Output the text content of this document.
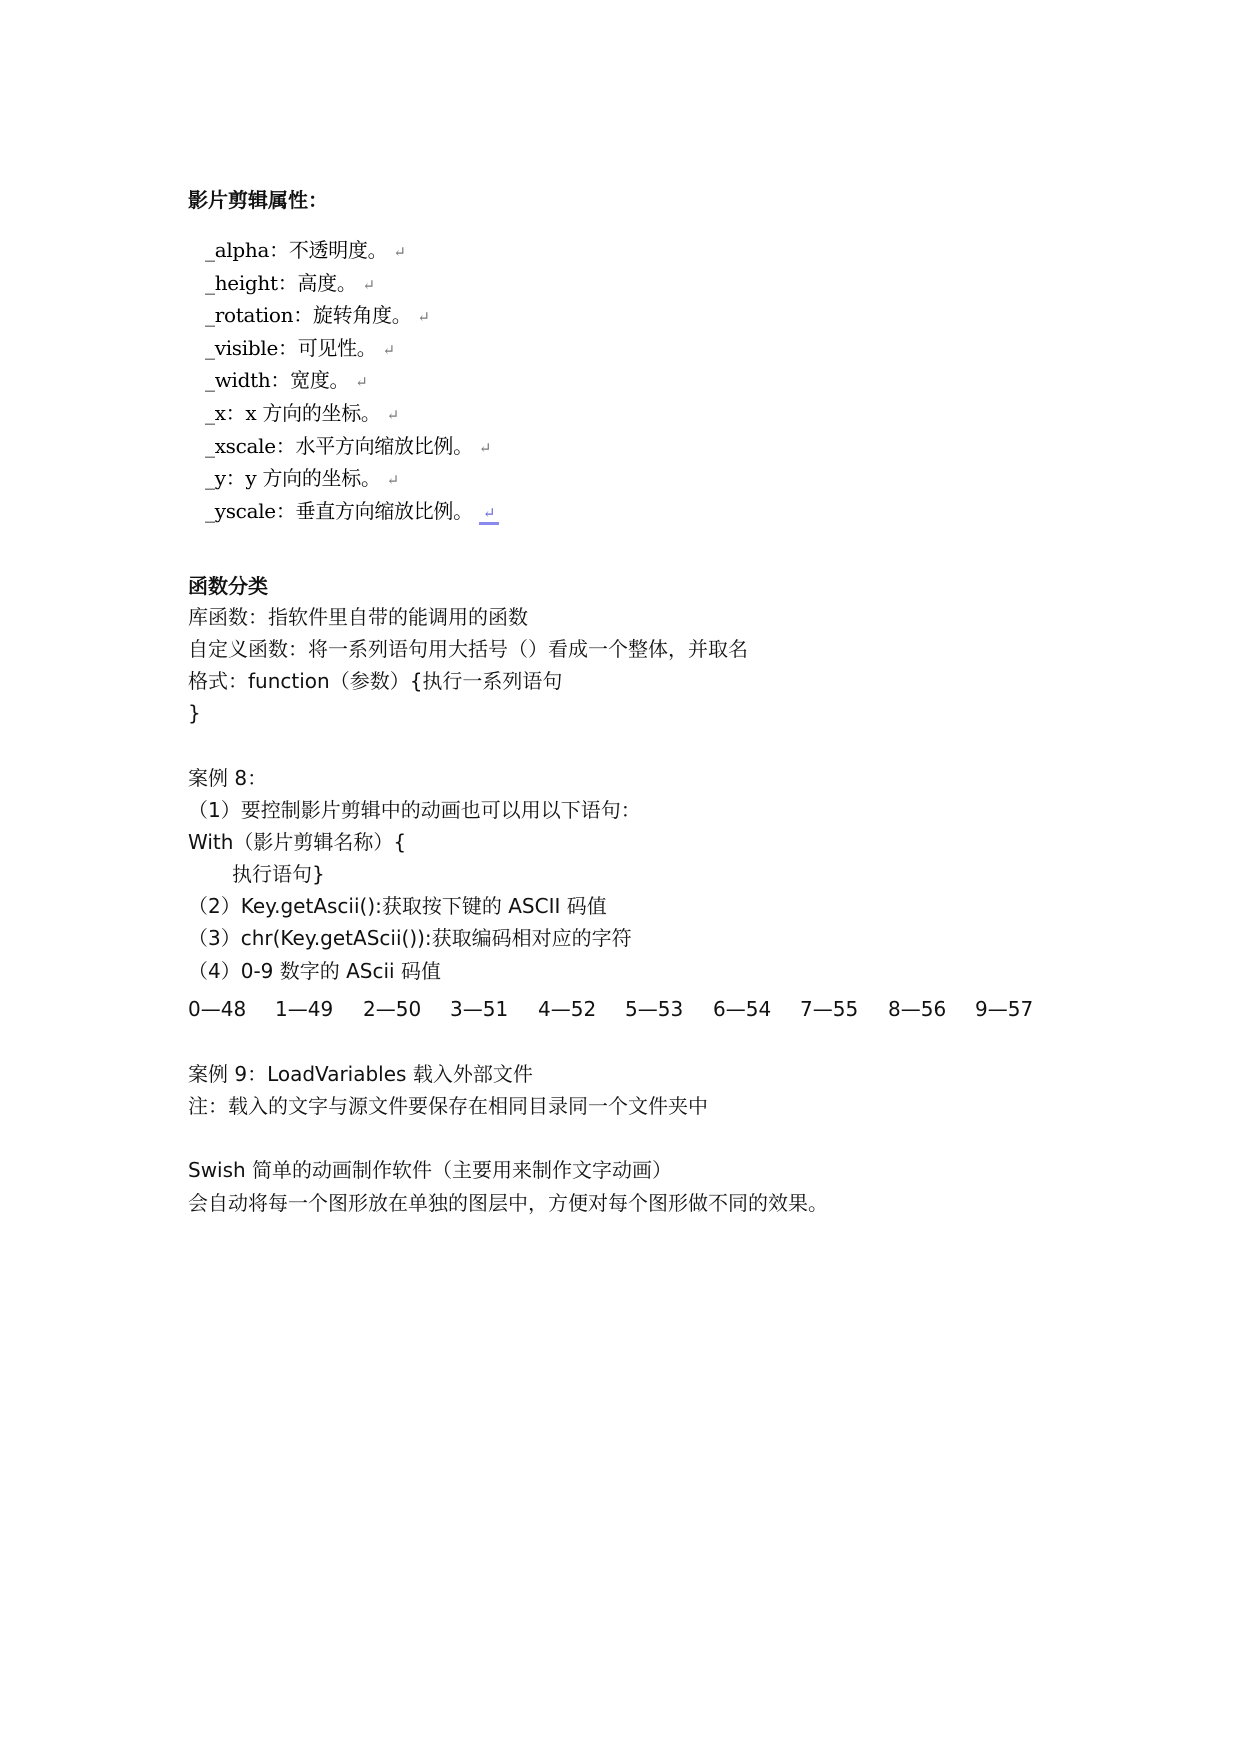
影片剪辑属性：
_alpha：不透明度。 ↵
_height：高度。 ↵
_rotation：旋转角度。 ↵
_visible：可见性。 ↵
_width：宽度。 ↵
_x：x 方向的坐标。 ↵
_xscale：水平方向缩放比例。 ↵
_y：y 方向的坐标。 ↵
_yscale：垂直方向缩放比例。 ↵
函数分类
库函数：指软件里自带的能调用的函数
自定义函数：将一系列语句用大括号（）看成一个整体，并取名
格式：function（参数）{执行一系列语句
}
案例 8：
（1）要控制影片剪辑中的动画也可以用以下语句：
With（影片剪辑名称）{
执行语句}
（2）Key.getAscii():获取按下键的 ASCII 码值
（3）chr(Key.getAScii()):获取编码相对应的字符
（4）0-9 数字的 AScii 码值
0—48 1—49 2—50 3—51 4—52 5—53 6—54 7—55 8—56 9—57
案例 9：LoadVariables 载入外部文件
注：载入的文字与源文件要保存在相同目录同一个文件夹中
Swish 简单的动画制作软件（主要用来制作文字动画）
会自动将每一个图形放在单独的图层中，方便对每个图形做不同的效果。
